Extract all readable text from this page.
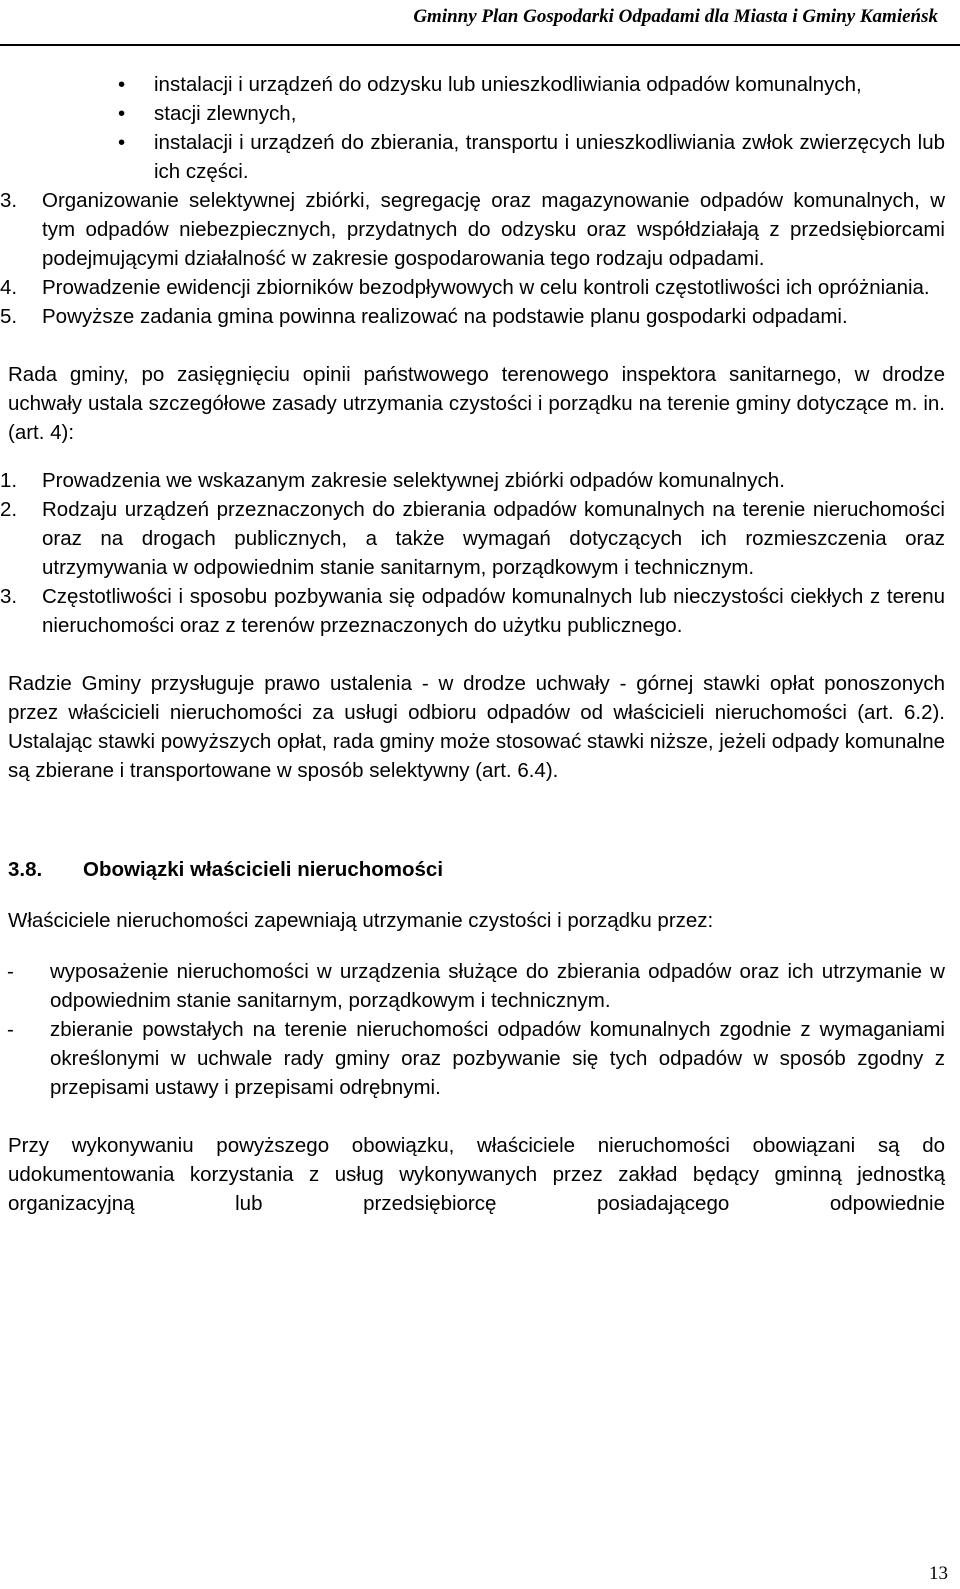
Gminny Plan Gospodarki Odpadami dla Miasta i Gminy Kamieńsk
• instalacji i urządzeń do odzysku lub unieszkodliwiania odpadów komunalnych,
• stacji zlewnych,
• instalacji i urządzeń do zbierania, transportu i unieszkodliwiania zwłok zwierzęcych lub ich części.
3. Organizowanie selektywnej zbiórki, segregację oraz magazynowanie odpadów komunalnych, w tym odpadów niebezpiecznych, przydatnych do odzysku oraz współdziałają z przedsiębiorcami podejmującymi działalność w zakresie gospodarowania tego rodzaju odpadami.
4. Prowadzenie ewidencji zbiorników bezodpływowych w celu kontroli częstotliwości ich opróżniania.
5. Powyższe zadania gmina powinna realizować na podstawie planu gospodarki odpadami.
Rada gminy, po zasięgnięciu opinii państwowego terenowego inspektora sanitarnego, w drodze uchwały ustala szczegółowe zasady utrzymania czystości i porządku na terenie gminy dotyczące m. in. (art. 4):
1. Prowadzenia we wskazanym zakresie selektywnej zbiórki odpadów komunalnych.
2. Rodzaju urządzeń przeznaczonych do zbierania odpadów komunalnych na terenie nieruchomości oraz na drogach publicznych, a także wymagań dotyczących ich rozmieszczenia oraz utrzymywania w odpowiednim stanie sanitarnym, porządkowym i technicznym.
3. Częstotliwości i sposobu pozbywania się odpadów komunalnych lub nieczystości ciekłych z terenu nieruchomości oraz z terenów przeznaczonych do użytku publicznego.
Radzie Gminy przysługuje prawo ustalenia - w drodze uchwały - górnej stawki opłat ponoszonych przez właścicieli nieruchomości za usługi odbioru odpadów od właścicieli nieruchomości (art. 6.2). Ustalając stawki powyższych opłat, rada gminy może stosować stawki niższe, jeżeli odpady komunalne są zbierane i transportowane w sposób selektywny (art. 6.4).
3.8. Obowiązki właścicieli nieruchomości
Właściciele nieruchomości zapewniają utrzymanie czystości i porządku przez:
- wyposażenie nieruchomości w urządzenia służące do zbierania odpadów oraz ich utrzymanie w odpowiednim stanie sanitarnym, porządkowym i technicznym.
- zbieranie powstałych na terenie nieruchomości odpadów komunalnych zgodnie z wymaganiami określonymi w uchwale rady gminy oraz pozbywanie się tych odpadów w sposób zgodny z przepisami ustawy i przepisami odrębnymi.
Przy wykonywaniu powyższego obowiązku, właściciele nieruchomości obowiązani są do udokumentowania korzystania z usług wykonywanych przez zakład będący gminną jednostką organizacyjną lub przedsiębiorcę posiadającego odpowiednie
13
